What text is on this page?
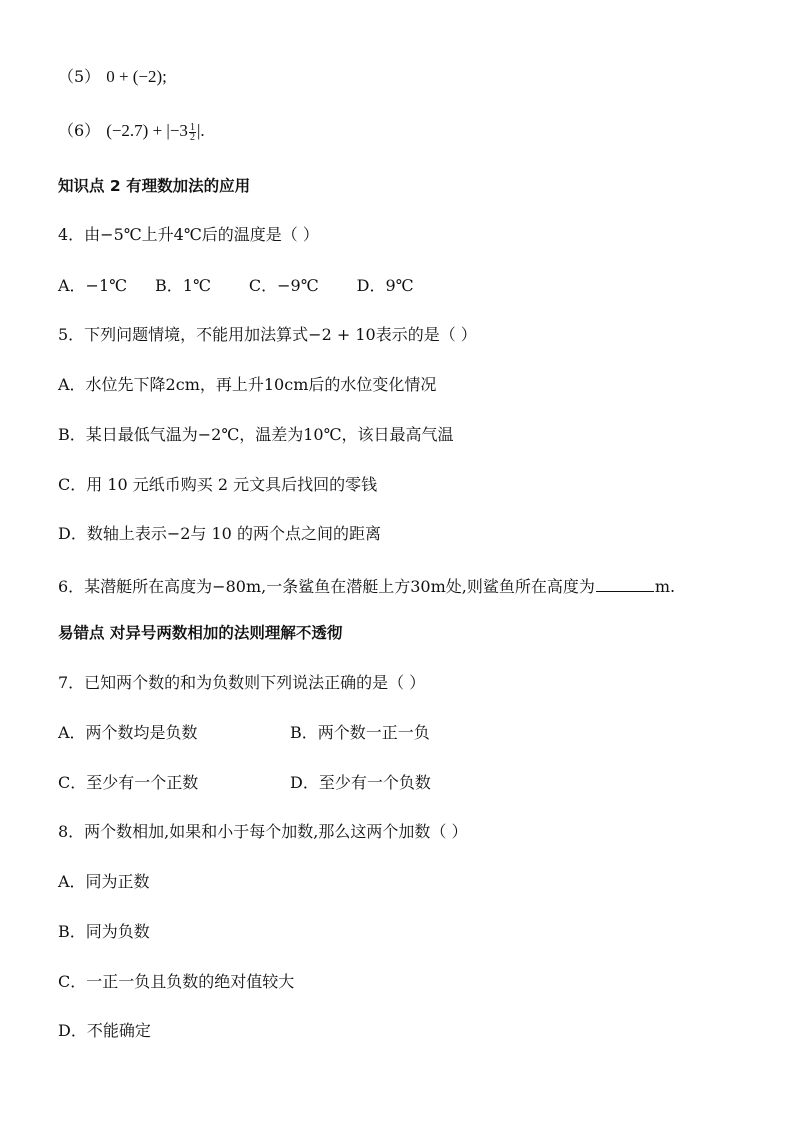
（5） 0 + (−2);
（6） $(-2.7) + |-3 \frac{1}{2}$ |.
知识点 2 有理数加法的应用
4．由−5℃上升4℃后的温度是（ ）
A．−1℃ B．1℃ C．−9℃ D．9℃
5．下列问题情境，不能用加法算式−2 + 10表示的是（ ）
A．水位先下降2cm，再上升10cm后的水位变化情况
B．某日最低气温为−2℃，温差为10℃，该日最高气温
C．用 10 元纸币购买 2 元文具后找回的零钱
D．数轴上表示−2与 10 的两个点之间的距离
6．某潜艇所在高度为−80m,一条鲨鱼在潜艇上方30m处,则鲨鱼所在高度为	m.
易错点 对异号两数相加的法则理解不透彻
7．已知两个数的和为负数则下列说法正确的是（ ）
A．两个数均是负数	B．两个数一正一负
C．至少有一个正数	D．至少有一个负数
8．两个数相加,如果和小于每个加数,那么这两个加数（ ）
A．同为正数
B．同为负数
C．一正一负且负数的绝对值较大
D．不能确定
